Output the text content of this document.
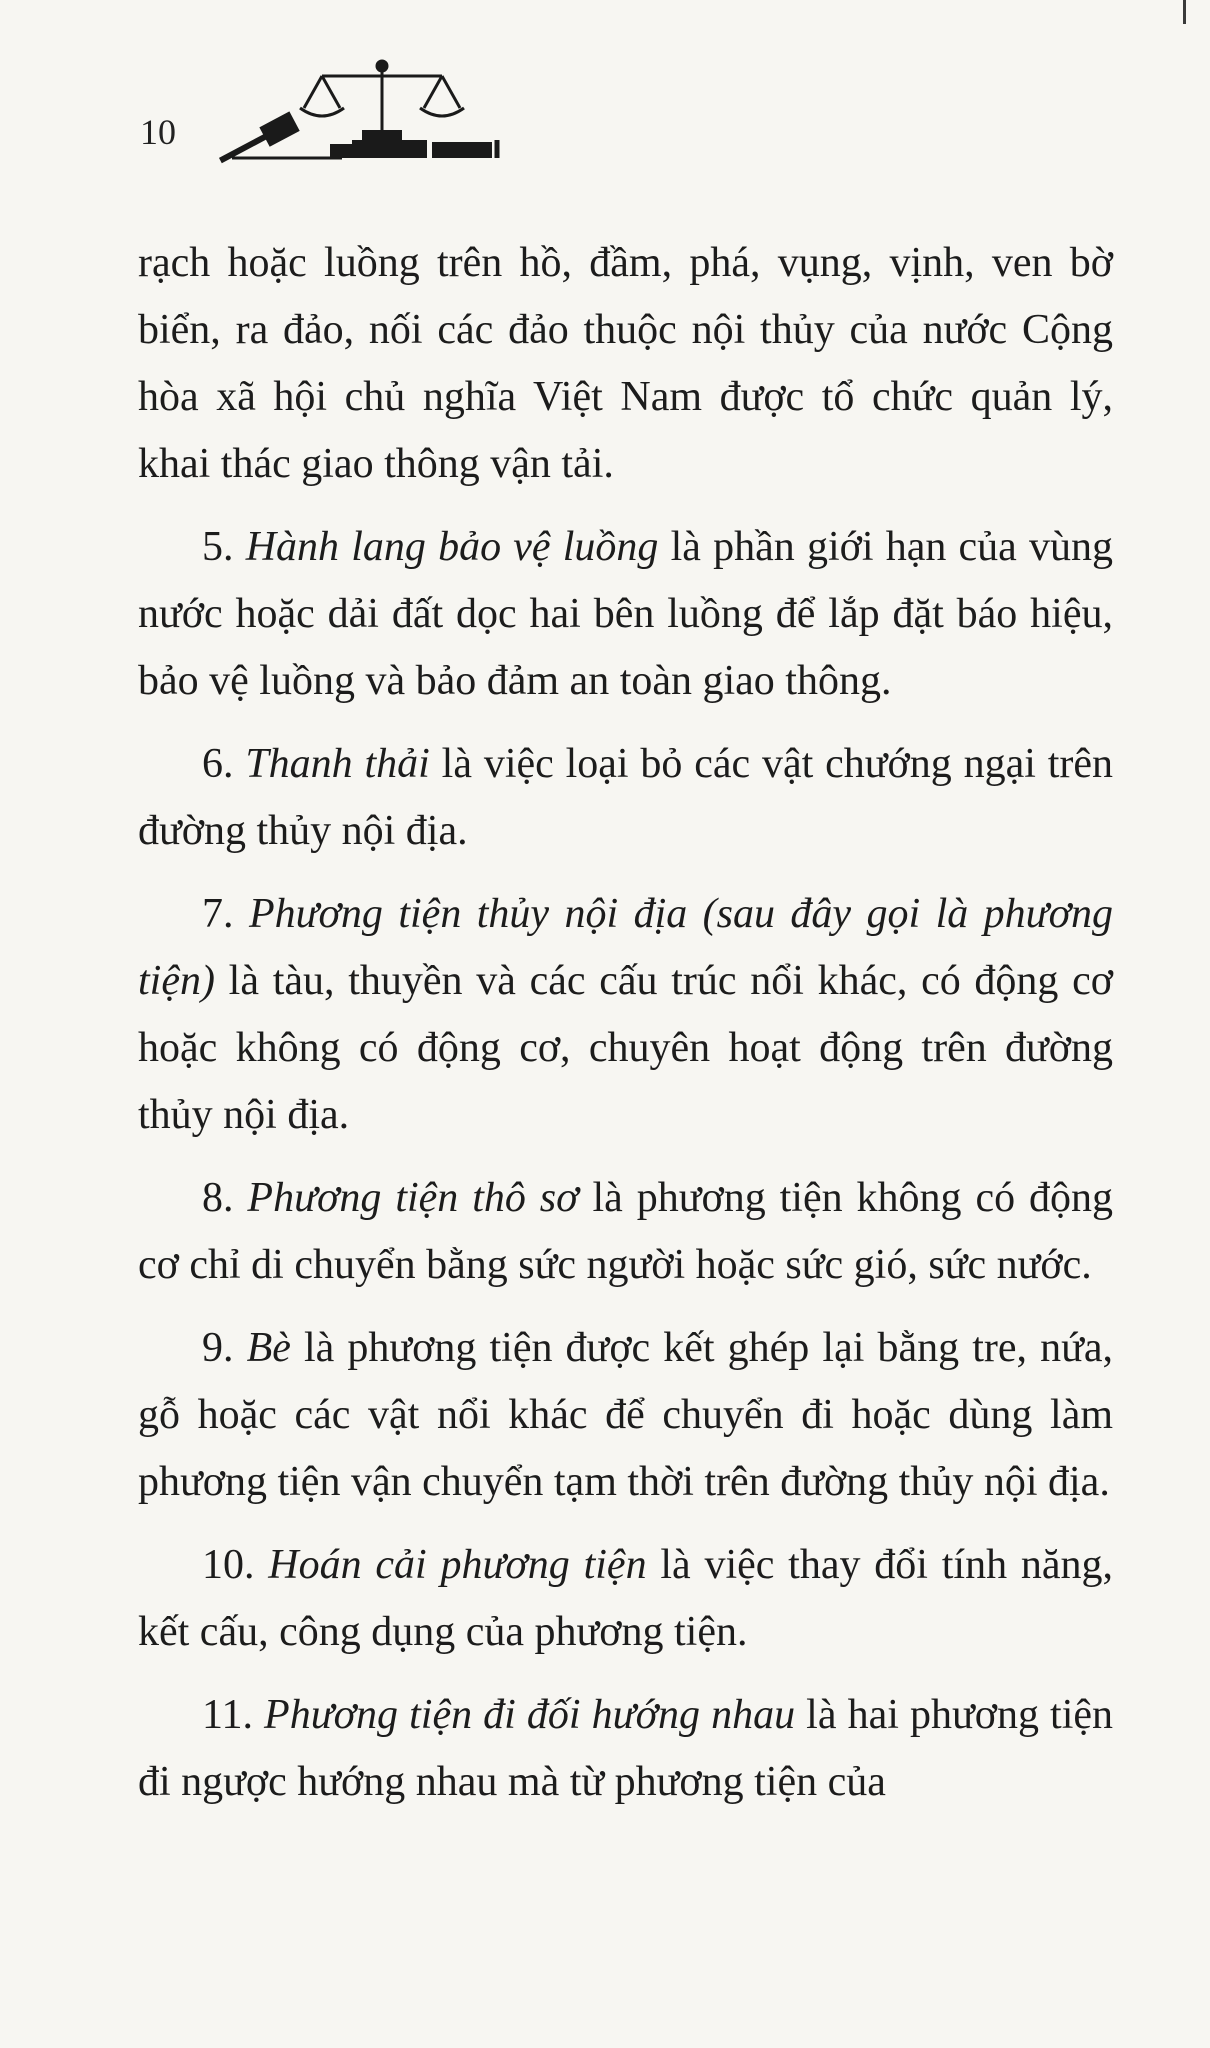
10

rạch hoặc luồng trên hồ, đầm, phá, vụng, vịnh, ven bờ biển, ra đảo, nối các đảo thuộc nội thủy của nước Cộng hòa xã hội chủ nghĩa Việt Nam được tổ chức quản lý, khai thác giao thông vận tải.

5. Hành lang bảo vệ luồng là phần giới hạn của vùng nước hoặc dải đất dọc hai bên luồng để lắp đặt báo hiệu, bảo vệ luồng và bảo đảm an toàn giao thông.

6. Thanh thải là việc loại bỏ các vật chướng ngại trên đường thủy nội địa.

7. Phương tiện thủy nội địa (sau đây gọi là phương tiện) là tàu, thuyền và các cấu trúc nổi khác, có động cơ hoặc không có động cơ, chuyên hoạt động trên đường thủy nội địa.

8. Phương tiện thô sơ là phương tiện không có động cơ chỉ di chuyển bằng sức người hoặc sức gió, sức nước.

9. Bè là phương tiện được kết ghép lại bằng tre, nứa, gỗ hoặc các vật nổi khác để chuyển đi hoặc dùng làm phương tiện vận chuyển tạm thời trên đường thủy nội địa.

10. Hoán cải phương tiện là việc thay đổi tính năng, kết cấu, công dụng của phương tiện.

11. Phương tiện đi đối hướng nhau là hai phương tiện đi ngược hướng nhau mà từ phương tiện của
